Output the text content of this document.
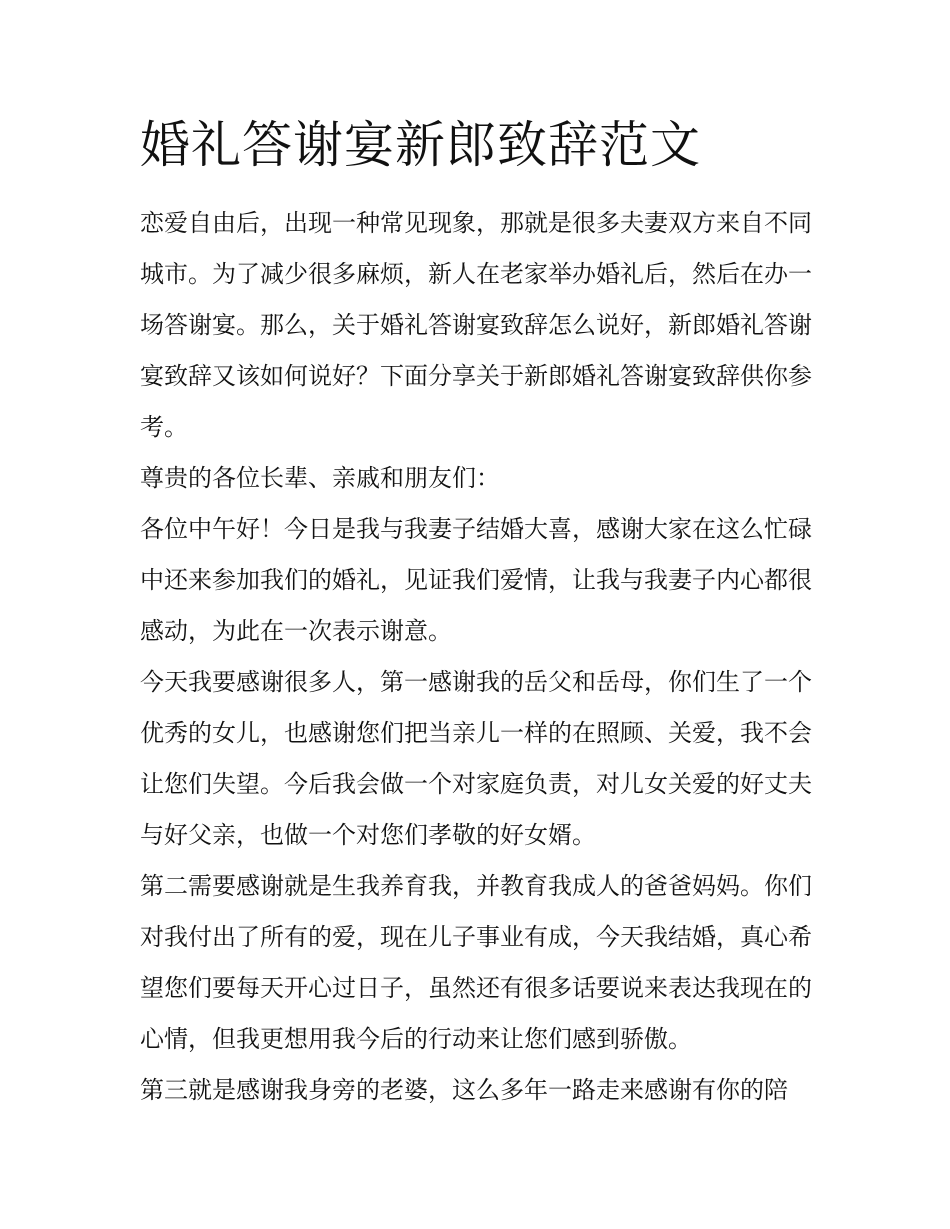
婚礼答谢宴新郎致辞范文

恋爱自由后，出现一种常见现象，那就是很多夫妻双方来自不同城市。为了减少很多麻烦，新人在老家举办婚礼后，然后在办一场答谢宴。那么，关于婚礼答谢宴致辞怎么说好，新郎婚礼答谢宴致辞又该如何说好？下面分享关于新郎婚礼答谢宴致辞供你参考。

尊贵的各位长辈、亲戚和朋友们：

各位中午好！今日是我与我妻子结婚大喜，感谢大家在这么忙碌中还来参加我们的婚礼，见证我们爱情，让我与我妻子内心都很感动，为此在一次表示谢意。

今天我要感谢很多人，第一感谢我的岳父和岳母，你们生了一个优秀的女儿，也感谢您们把当亲儿一样的在照顾、关爱，我不会让您们失望。今后我会做一个对家庭负责，对儿女关爱的好丈夫与好父亲，也做一个对您们孝敬的好女婿。

第二需要感谢就是生我养育我，并教育我成人的爸爸妈妈。你们对我付出了所有的爱，现在儿子事业有成，今天我结婚，真心希望您们要每天开心过日子，虽然还有很多话要说来表达我现在的心情，但我更想用我今后的行动来让您们感到骄傲。

第三就是感谢我身旁的老婆，这么多年一路走来感谢有你的陪
